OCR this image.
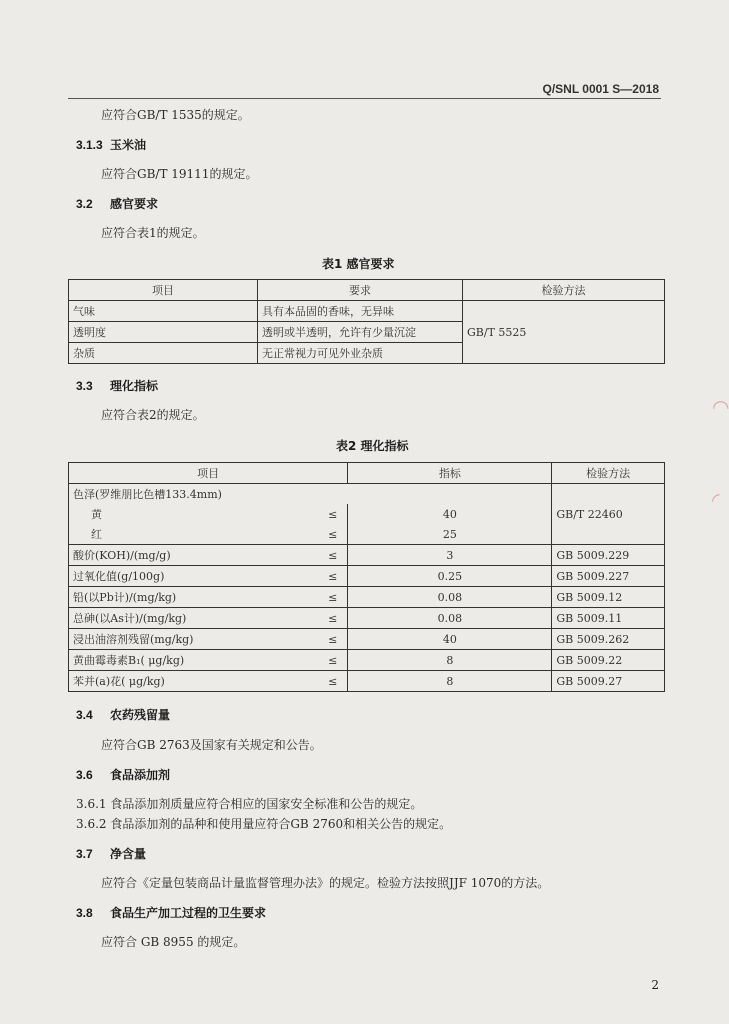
Q/SNL 0001 S—2018
应符合GB/T 1535的规定。
3.1.3 玉米油
应符合GB/T 19111的规定。
3.2 感官要求
应符合表1的规定。
表1 感官要求
项目	要求	检验方法
气味	具有本品固的香味，无异味	GB/T 5525
透明度	透明或半透明，允许有少量沉淀	
杂质	无正常视力可见外业杂质	
3.3 理化指标
应符合表2的规定。
表2 理化指标
项目		指标	检验方法
色泽(罗维朋比色槽133.4mm)			GB/T 22460
黄	≤	40	
红	≤	25	
酸价(KOH)/(mg/g)	≤	3	GB 5009.229
过氧化值(g/100g)	≤	0.25	GB 5009.227
铅(以Pb计)/(mg/kg)	≤	0.08	GB 5009.12
总砷(以As计)/(mg/kg)	≤	0.08	GB 5009.11
浸出油溶剂残留(mg/kg)	≤	40	GB 5009.262
黄曲霉毒素B₁( μg/kg)	≤	8	GB 5009.22
苯并(a)花( μg/kg)	≤	8	GB 5009.27
3.4 农药残留量
应符合GB 2763及国家有关规定和公告。
3.6 食品添加剂
3.6.1 食品添加剂质量应符合相应的国家安全标准和公告的规定。
3.6.2 食品添加剂的品种和使用量应符合GB 2760和相关公告的规定。
3.7 净含量
应符合《定量包装商品计量监督管理办法》的规定。检验方法按照JJF 1070的方法。
3.8 食品生产加工过程的卫生要求
应符合 GB 8955 的规定。
2
◠
◜
